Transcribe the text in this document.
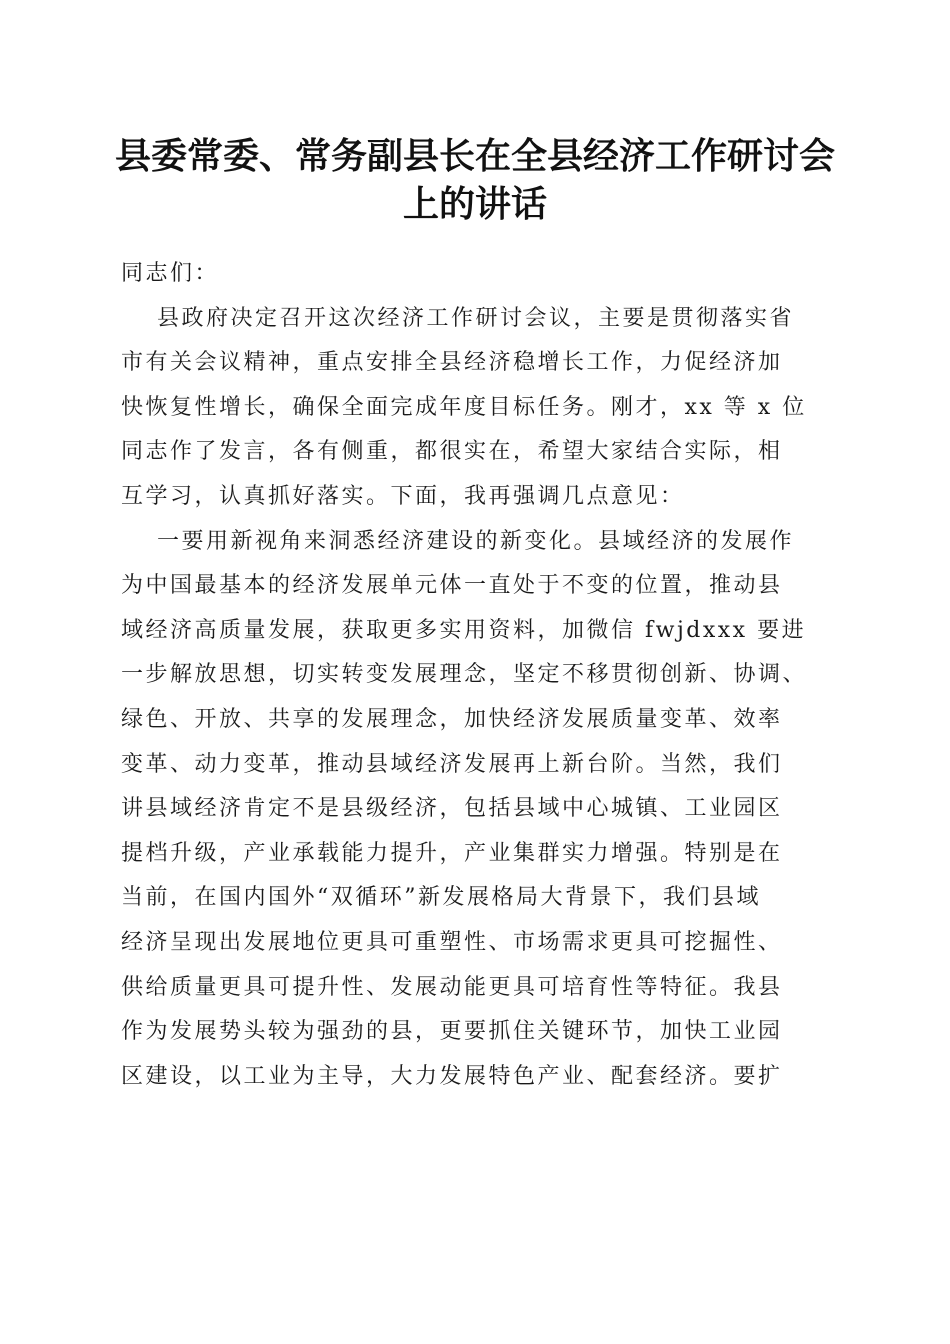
县委常委、常务副县长在全县经济工作研讨会
上的讲话
同志们：
县政府决定召开这次经济工作研讨会议，主要是贯彻落实省
市有关会议精神，重点安排全县经济稳增长工作，力促经济加
快恢复性增长，确保全面完成年度目标任务。刚才，xx 等 x 位
同志作了发言，各有侧重，都很实在，希望大家结合实际，相
互学习，认真抓好落实。下面，我再强调几点意见：
一要用新视角来洞悉经济建设的新变化。县域经济的发展作
为中国最基本的经济发展单元体一直处于不变的位置，推动县
域经济高质量发展，获取更多实用资料，加微信 fwjdxxx 要进
一步解放思想，切实转变发展理念，坚定不移贯彻创新、协调、
绿色、开放、共享的发展理念，加快经济发展质量变革、效率
变革、动力变革，推动县域经济发展再上新台阶。当然，我们
讲县域经济肯定不是县级经济，包括县域中心城镇、工业园区
提档升级，产业承载能力提升，产业集群实力增强。特别是在
当前，在国内国外“双循环”新发展格局大背景下，我们县域
经济呈现出发展地位更具可重塑性、市场需求更具可挖掘性、
供给质量更具可提升性、发展动能更具可培育性等特征。我县
作为发展势头较为强劲的县，更要抓住关键环节，加快工业园
区建设，以工业为主导，大力发展特色产业、配套经济。要扩
